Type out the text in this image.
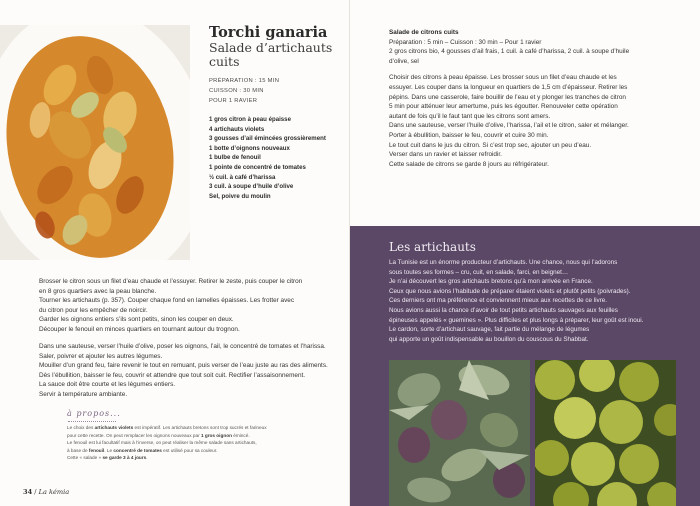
Torchi ganaria
Salade d’artichauts
cuits
PRÉPARATION : 15 MIN
CUISSON : 30 MIN
POUR 1 RAVIER
1 gros citron à peau épaisse
4 artichauts violets
3 gousses d’ail émincées grossièrement
1 botte d’oignons nouveaux
1 bulbe de fenouil
1 pointe de concentré de tomates
½ cuil. à café d’harissa
3 cuil. à soupe d’huile d’olive
Sel, poivre du moulin

Brosser le citron sous un filet d’eau chaude et l’essuyer. Retirer le zeste, puis couper le citron
en 8 gros quartiers avec la peau blanche.
Tourner les artichauts (p. 357). Couper chaque fond en lamelles épaisses. Les frotter avec
du citron pour les empêcher de noircir.
Garder les oignons entiers s’ils sont petits, sinon les couper en deux.
Découper le fenouil en minces quartiers en tournant autour du trognon.

Dans une sauteuse, verser l’huile d’olive, poser les oignons, l’ail, le concentré de tomates et l’harissa.
Saler, poivrer et ajouter les autres légumes.
Mouiller d’un grand feu, faire revenir le tout en remuant, puis verser de l’eau juste au ras des aliments.
Dès l’ébullition, baisser le feu, couvrir et attendre que tout soit cuit. Rectifier l’assaisonnement.
La sauce doit être courte et les légumes entiers.
Servir à température ambiante.

à propos...
Le choix des artichauts violets est impératif. Les artichauts bretons sont trop sucrés et farineux
pour cette recette. On peut remplacer les oignons nouveaux par 1 gros oignon émincé.
Le fenouil est lui facultatif mais à l’inverse, on peut réaliser la même salade sans artichauts,
à base de fenouil. Le concentré de tomates est utilisé pour sa couleur.
Cette « salade » se garde 3 à 4 jours.
34 / La kémia
Salade de citrons cuits
Préparation : 5 min – Cuisson : 30 min – Pour 1 ravier
2 gros citrons bio, 4 gousses d’ail frais, 1 cuil. à café d’harissa, 2 cuil. à soupe d’huile
d’olive, sel
Choisir des citrons à peau épaisse. Les brosser sous un filet d’eau chaude et les
essuyer. Les couper dans la longueur en quartiers de 1,5 cm d’épaisseur. Retirer les
pépins. Dans une casserole, faire bouillir de l’eau et y plonger les tranches de citron
5 min pour atténuer leur amertume, puis les égoutter. Renouveler cette opération
autant de fois qu’il le faut tant que les citrons sont amers.
Dans une sauteuse, verser l’huile d’olive, l’harissa, l’ail et le citron, saler et mélanger.
Porter à ébullition, baisser le feu, couvrir et cuire 30 min.
Le tout cuit dans le jus du citron. Si c’est trop sec, ajouter un peu d’eau.
Verser dans un ravier et laisser refroidir.
Cette salade de citrons se garde 8 jours au réfrigérateur.
Les artichauts
La Tunisie est un énorme producteur d’artichauts. Une chance, nous qui l’adorons
sous toutes ses formes – cru, cuit, en salade, farci, en beignet…
Je n’ai découvert les gros artichauts bretons qu’à mon arrivée en France.
Ceux que nous avions l’habitude de préparer étaient violets et plutôt petits (poivrades).
Ces derniers ont ma préférence et conviennent mieux aux recettes de ce livre.
Nous avions aussi la chance d’avoir de tout petits artichauts sauvages aux feuilles
épineuses appelés « guemines ». Plus difficiles et plus longs à préparer, leur goût est inoui.
Le cardon, sorte d’artichaut sauvage, fait partie du mélange de légumes
qui apporte un goût indispensable au bouillon du couscous du Shabbat.
